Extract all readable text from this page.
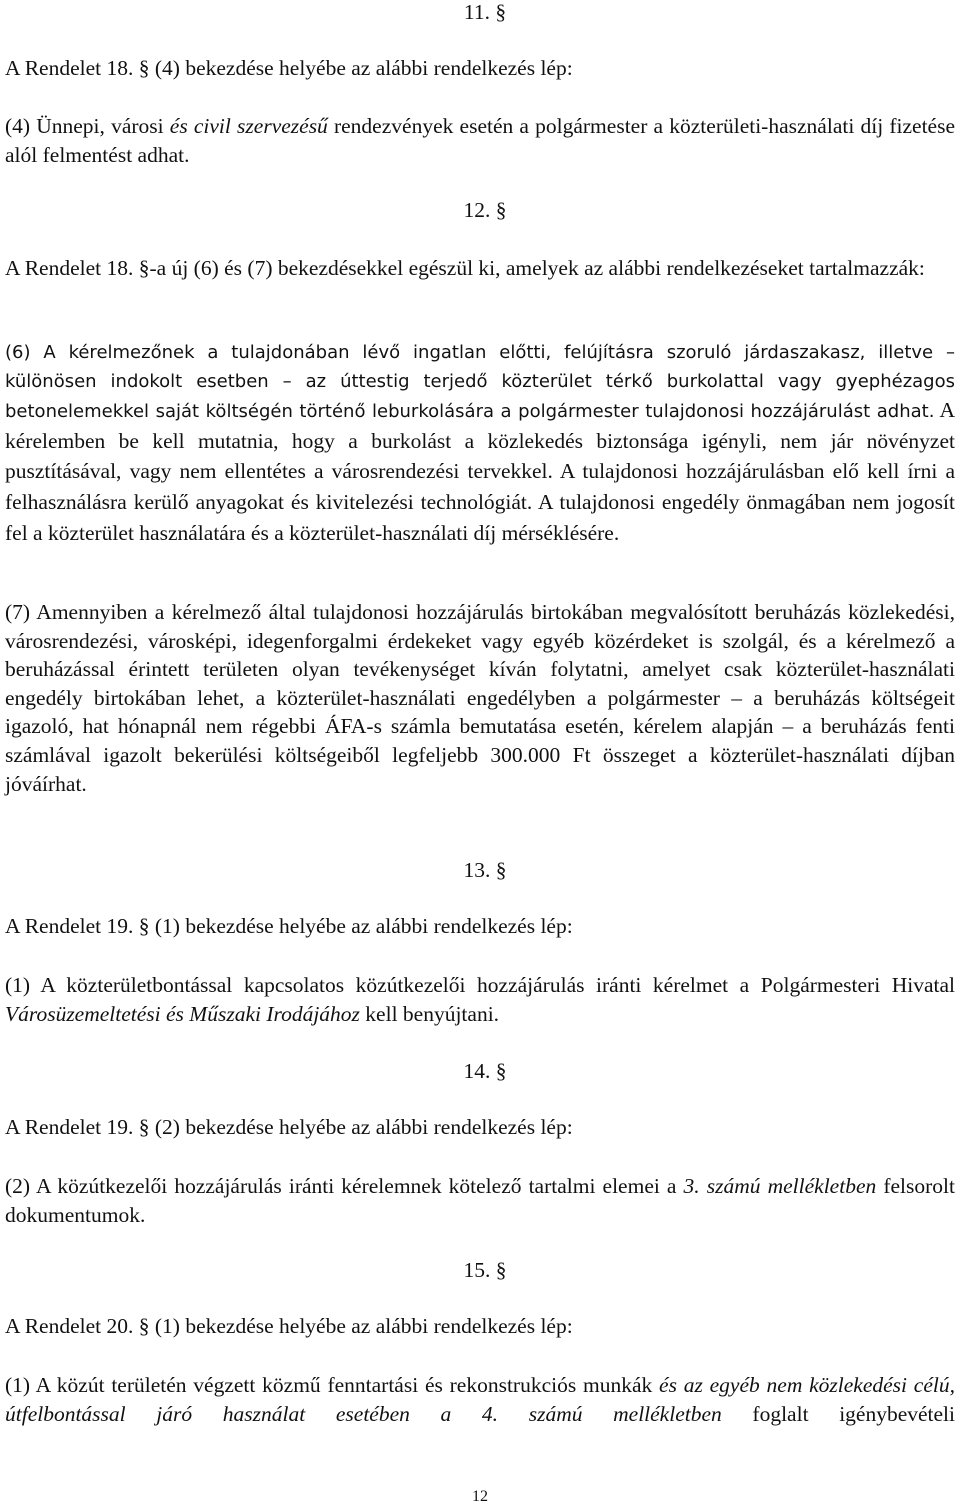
11. §

A Rendelet 18. § (4) bekezdése helyébe az alábbi rendelkezés lép:

(4) Ünnepi, városi és civil szervezésű rendezvények esetén a polgármester a közterületi-használati díj fizetése alól felmentést adhat.

12. §

A Rendelet 18. §-a új (6) és (7) bekezdésekkel egészül ki, amelyek az alábbi rendelkezéseket tartalmazzák:

(6) A kérelmezőnek a tulajdonában lévő ingatlan előtti, felújításra szoruló járdaszakasz, illetve – különösen indokolt esetben – az úttestig terjedő közterület térkő burkolattal vagy gyephézagos betonelemekkel saját költségén történő leburkolására a polgármester tulajdonosi hozzájárulást adhat. A kérelemben be kell mutatnia, hogy a burkolást a közlekedés biztonsága igényli, nem jár növényzet pusztításával, vagy nem ellentétes a városrendezési tervekkel. A tulajdonosi hozzájárulásban elő kell írni a felhasználásra kerülő anyagokat és kivitelezési technológiát. A tulajdonosi engedély önmagában nem jogosít fel a közterület használatára és a közterület-használati díj mérséklésére.

(7) Amennyiben a kérelmező által tulajdonosi hozzájárulás birtokában megvalósított beruházás közlekedési, városrendezési, városképi, idegenforgalmi érdekeket vagy egyéb közérdeket is szolgál, és a kérelmező a beruházással érintett területen olyan tevékenységet kíván folytatni, amelyet csak közterület-használati engedély birtokában lehet, a közterület-használati engedélyben a polgármester – a beruházás költségeit igazoló, hat hónapnál nem régebbi ÁFA-s számla bemutatása esetén, kérelem alapján – a beruházás fenti számlával igazolt bekerülési költségeiből legfeljebb 300.000 Ft összeget a közterület-használati díjban jóváírhat.

13. §

A Rendelet 19. § (1) bekezdése helyébe az alábbi rendelkezés lép:

(1) A közterületbontással kapcsolatos közútkezelői hozzájárulás iránti kérelmet a Polgármesteri Hivatal Városüzemeltetési és Műszaki Irodájához kell benyújtani.

14. §

A Rendelet 19. § (2) bekezdése helyébe az alábbi rendelkezés lép:

(2) A közútkezelői hozzájárulás iránti kérelemnek kötelező tartalmi elemei a 3. számú mellékletben felsorolt dokumentumok.

15. §

A Rendelet 20. § (1) bekezdése helyébe az alábbi rendelkezés lép:

(1) A közút területén végzett közmű fenntartási és rekonstrukciós munkák és az egyéb nem közlekedési célú, útfelbontással járó használat esetében a 4. számú mellékletben foglalt igénybevételi

12
